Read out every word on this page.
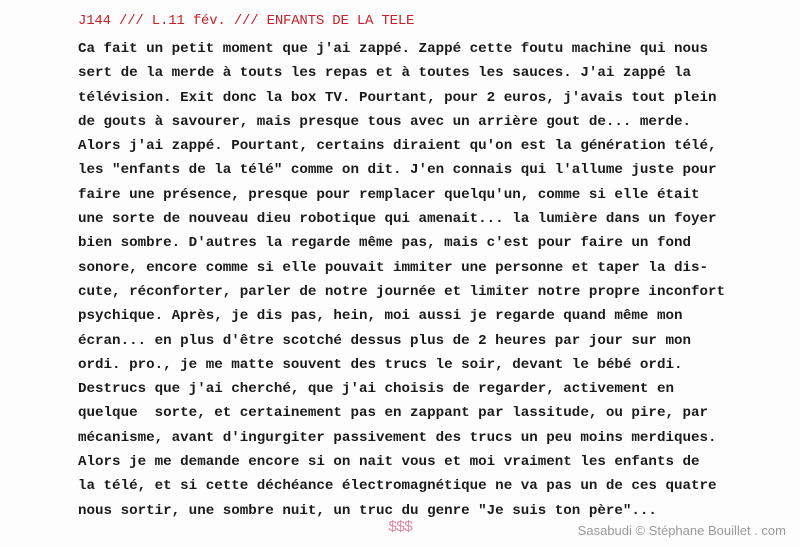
J144 /// L.11 fév. /// ENFANTS DE LA TELE
Ca fait un petit moment que j'ai zappé. Zappé cette foutu machine qui nous
sert de la merde à touts les repas et à toutes les sauces. J'ai zappé la
télévision. Exit donc la box TV. Pourtant, pour 2 euros, j'avais tout plein
de gouts à savourer, mais presque tous avec un arrière gout de... merde.
Alors j'ai zappé. Pourtant, certains diraient qu'on est la génération télé,
les "enfants de la télé" comme on dit. J'en connais qui l'allume juste pour
faire une présence, presque pour remplacer quelqu'un, comme si elle était
une sorte de nouveau dieu robotique qui amenait... la lumière dans un foyer
bien sombre. D'autres la regarde même pas, mais c'est pour faire un fond
sonore, encore comme si elle pouvait immiter une personne et taper la dis-
cute, réconforter, parler de notre journée et limiter notre propre inconfort
psychique. Après, je dis pas, hein, moi aussi je regarde quand même mon
écran... en plus d'être scotché dessus plus de 2 heures par jour sur mon
ordi. pro., je me matte souvent des trucs le soir, devant le bébé ordi.
Destrucs que j'ai cherché, que j'ai choisis de regarder, activement en
quelque  sorte, et certainement pas en zappant par lassitude, ou pire, par
mécanisme, avant d'ingurgiter passivement des trucs un peu moins merdiques.
Alors je me demande encore si on nait vous et moi vraiment les enfants de
la télé, et si cette déchéance électromagnétique ne va pas un de ces quatre
nous sortir, une sombre nuit, un truc du genre "Je suis ton père"...
$$$	Sasabudi © Stéphane Bouillet . com
